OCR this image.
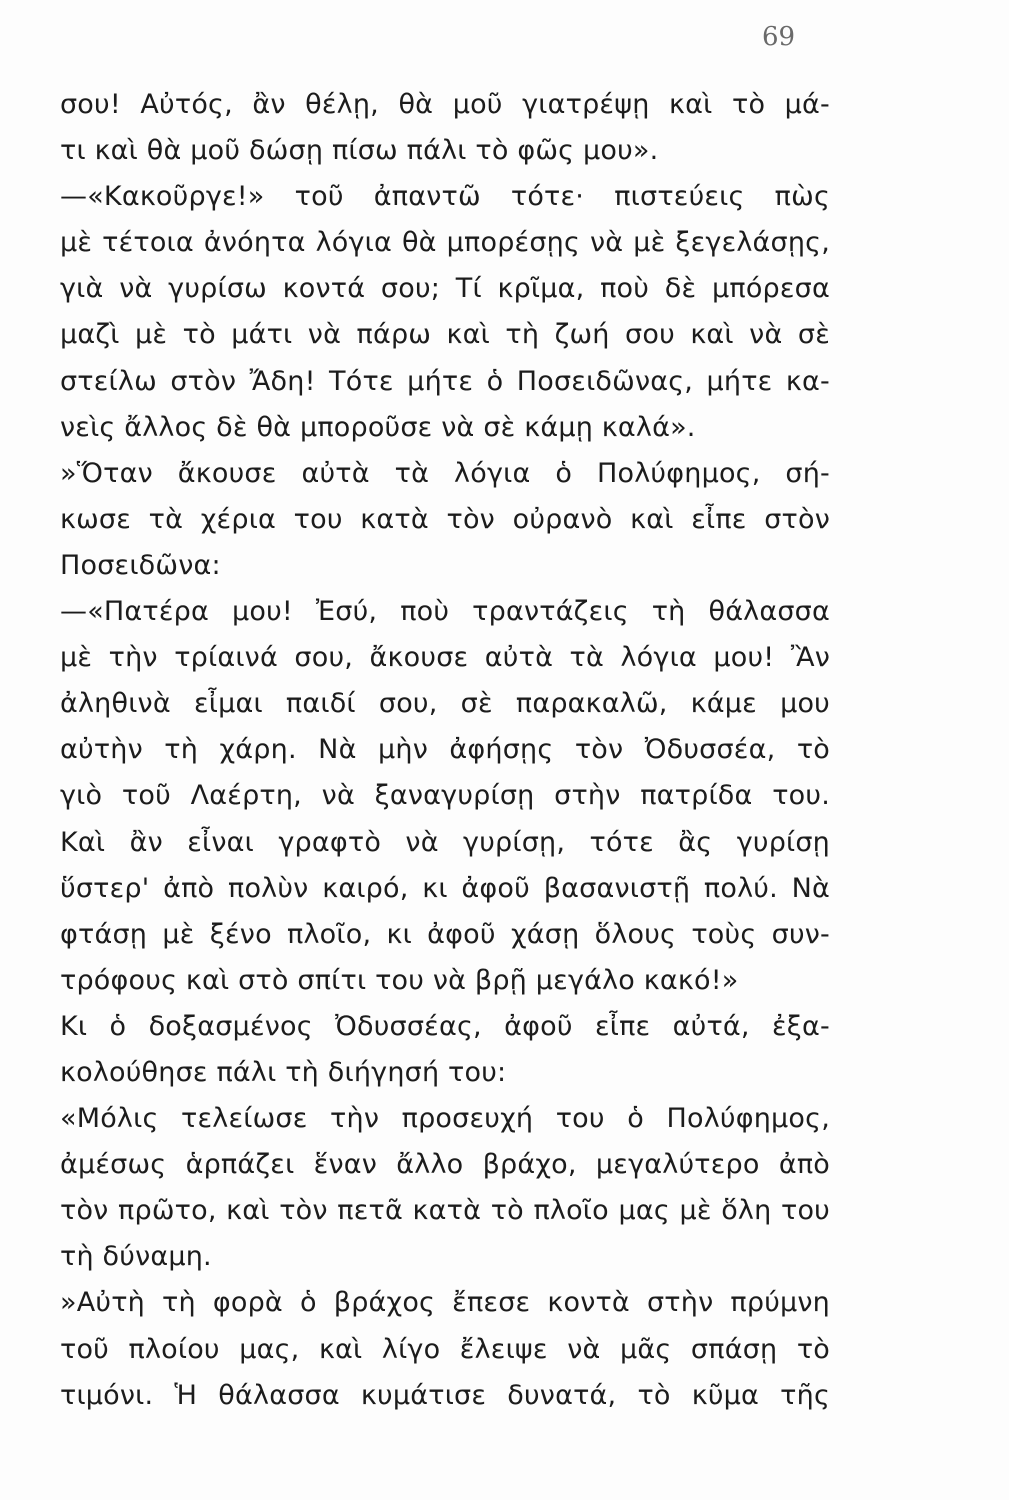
69
σου! Αὐτός, ἂν θέλῃ, θὰ μοῦ γιατρέψῃ καὶ τὸ μά-
τι καὶ θὰ μοῦ δώσῃ πίσω πάλι τὸ φῶς μου».
—«Κακοῦργε!» τοῦ ἀπαντῶ τότε· πιστεύεις πὼς
μὲ τέτοια ἀνόητα λόγια θὰ μπορέσῃς νὰ μὲ ξεγελάσῃς,
γιὰ νὰ γυρίσω κοντά σου; Τί κρῖμα, ποὺ δὲ μπόρεσα
μαζὶ μὲ τὸ μάτι νὰ πάρω καὶ τὴ ζωή σου καὶ νὰ σὲ
στείλω στὸν Ἄδη! Τότε μήτε ὁ Ποσειδῶνας, μήτε κα-
νεὶς ἄλλος δὲ θὰ μποροῦσε νὰ σὲ κάμῃ καλά».
»Ὅταν ἄκουσε αὐτὰ τὰ λόγια ὁ Πολύφημος, σή-
κωσε τὰ χέρια του κατὰ τὸν οὐρανὸ καὶ εἶπε στὸν
Ποσειδῶνα:
—«Πατέρα μου! Ἐσύ, ποὺ τραντάζεις τὴ θάλασσα
μὲ τὴν τρίαινά σου, ἄκουσε αὐτὰ τὰ λόγια μου! Ἂν
ἀληθινὰ εἶμαι παιδί σου, σὲ παρακαλῶ, κάμε μου
αὐτὴν τὴ χάρη. Νὰ μὴν ἀφήσῃς τὸν Ὀδυσσέα, τὸ
γιὸ τοῦ Λαέρτη, νὰ ξαναγυρίσῃ στὴν πατρίδα του.
Καὶ ἂν εἶναι γραφτὸ νὰ γυρίσῃ, τότε ἂς γυρίσῃ
ὕστερ' ἀπὸ πολὺν καιρό, κι ἀφοῦ βασανιστῇ πολύ. Νὰ
φτάσῃ μὲ ξένο πλοῖο, κι ἀφοῦ χάσῃ ὅλους τοὺς συν-
τρόφους καὶ στὸ σπίτι του νὰ βρῇ μεγάλο κακό!»
Κι ὁ δοξασμένος Ὀδυσσέας, ἀφοῦ εἶπε αὐτά, ἐξα-
κολούθησε πάλι τὴ διήγησή του:
«Μόλις τελείωσε τὴν προσευχή του ὁ Πολύφημος,
ἀμέσως ἁρπάζει ἕναν ἄλλο βράχο, μεγαλύτερο ἀπὸ
τὸν πρῶτο, καὶ τὸν πετᾶ κατὰ τὸ πλοῖο μας μὲ ὅλη του
τὴ δύναμη.
»Αὐτὴ τὴ φορὰ ὁ βράχος ἔπεσε κοντὰ στὴν πρύμνη
τοῦ πλοίου μας, καὶ λίγο ἔλειψε νὰ μᾶς σπάσῃ τὸ
τιμόνι. Ἡ θάλασσα κυμάτισε δυνατά, τὸ κῦμα τῆς
